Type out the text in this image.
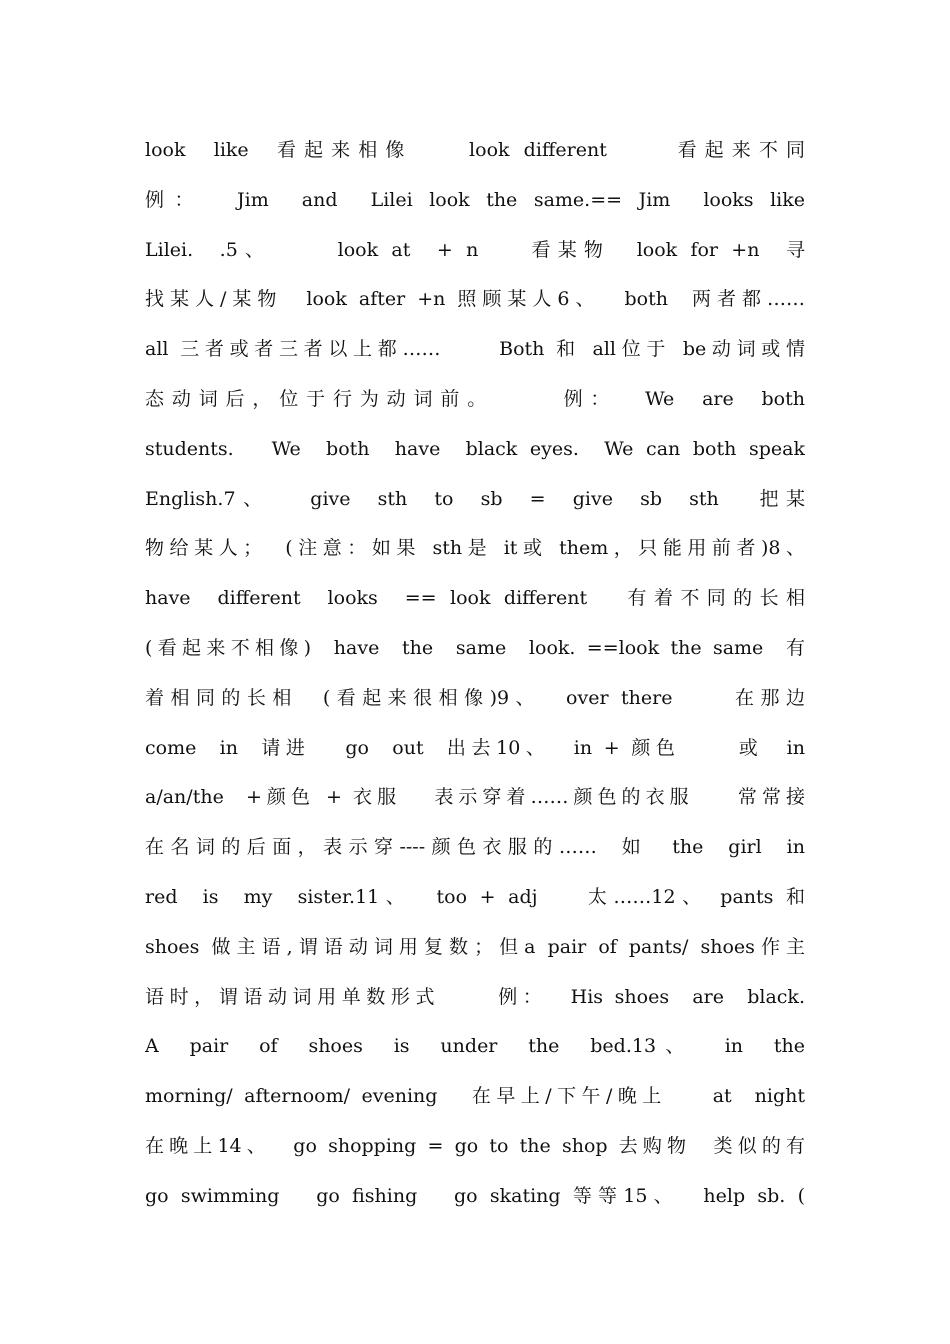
look  like  看起来相像    look different     看起来不同
例：  Jim  and  Lilei look the same.== Jim  looks like
Lilei.  .5、     look at  + n    看某物  look for +n  寻
找某人/某物  look after +n 照顾某人6、  both  两者都……
all 三者或者三者以上都……     Both 和 all位于 be动词或情
态动词后，位于行为动词前。     例：  We  are  both
students.   We  both  have  black eyes.  We can both speak
English.7、   give  sth  to  sb  =  give  sb  sth   把某
物给某人；  (注意：如果 sth是 it或 them，只能用前者)8、
have  different  looks  == look different   有着不同的长相
(看起来不相像)  have  the  same  look. ==look the same  有
着相同的长相  (看起来很相像)9、  over there     在那边
come  in  请进   go  out  出去10、  in + 颜色     或  in
a/an/the  +颜色 + 衣服   表示穿着……颜色的衣服    常常接
在名词的后面，表示穿----颜色衣服的……  如  the  girl  in
red  is  my  sister.11、  too + adj    太……12、 pants 和
shoes 做主语,谓语动词用复数；但a pair of pants/ shoes作主
语时，谓语动词用单数形式     例：  His shoes  are  black.
A  pair  of  shoes  is  under  the  bed.13、  in  the
morning/ afternoom/ evening   在早上/下午/晚上    at  night
在晚上14、  go shopping = go to the shop 去购物  类似的有
go swimming   go fishing   go skating 等等15、  help sb. (
